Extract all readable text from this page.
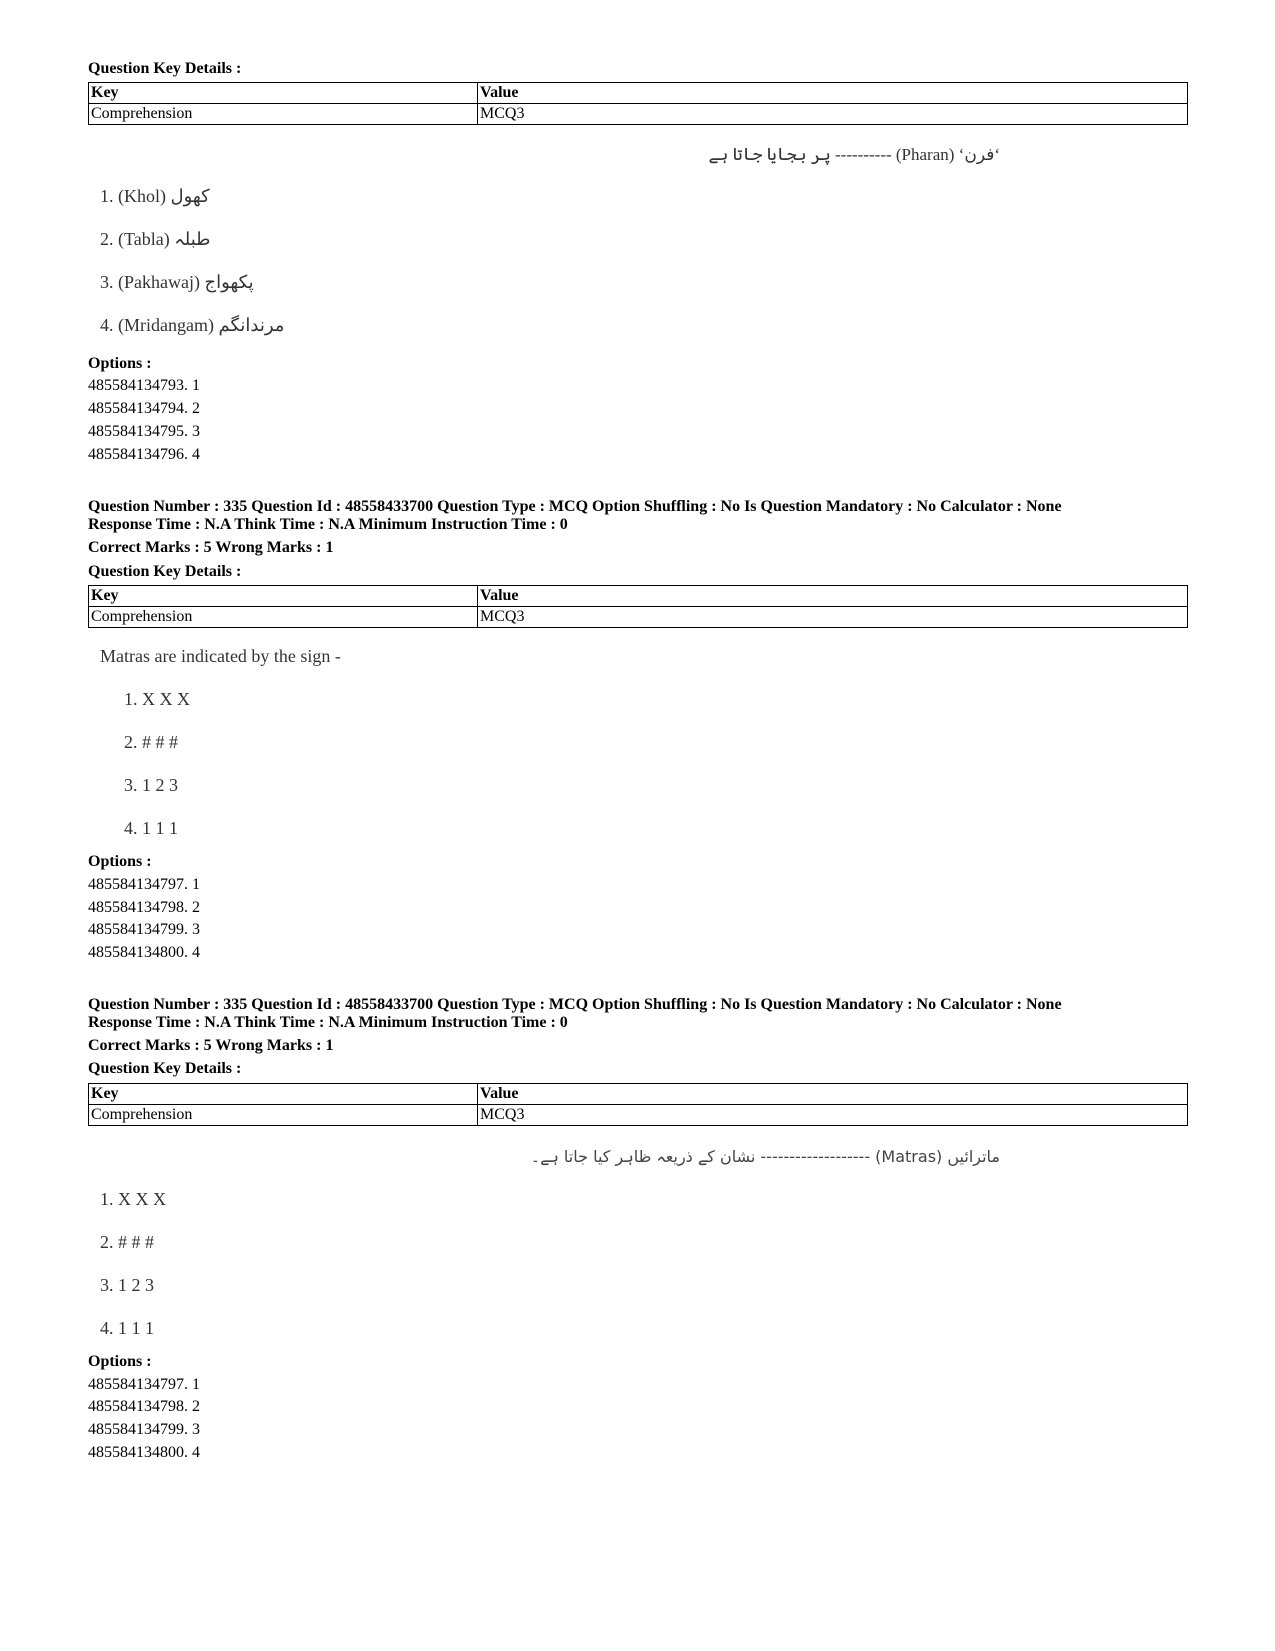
Question Key Details :
Key	Value
Comprehension	MCQ3
‘فرن‘ (Pharan) ---------- پر بجایا جاتا ہے
1. (Khol) کھول
2. (Tabla) طبلہ
3. (Pakhawaj) پکھواج
4. (Mridangam) مرندانگم
Options :
485584134793. 1
485584134794. 2
485584134795. 3
485584134796. 4
Question Number : 335 Question Id : 48558433700 Question Type : MCQ Option Shuffling : No Is Question Mandatory : No Calculator : None
Response Time : N.A Think Time : N.A Minimum Instruction Time : 0
Correct Marks : 5 Wrong Marks : 1
Question Key Details :
Key	Value
Comprehension	MCQ3
Matras are indicated by the sign -
1. X X X
2. # # #
3. 1 2 3
4. 1 1 1
Options :
485584134797. 1
485584134798. 2
485584134799. 3
485584134800. 4
Question Number : 335 Question Id : 48558433700 Question Type : MCQ Option Shuffling : No Is Question Mandatory : No Calculator : None
Response Time : N.A Think Time : N.A Minimum Instruction Time : 0
Correct Marks : 5 Wrong Marks : 1
Question Key Details :
Key	Value
Comprehension	MCQ3
ماترائیں (Matras) ------------------- نشان کے ذریعہ ظاہر کیا جاتا ہے۔
1. X X X
2. # # #
3. 1 2 3
4. 1 1 1
Options :
485584134797. 1
485584134798. 2
485584134799. 3
485584134800. 4
